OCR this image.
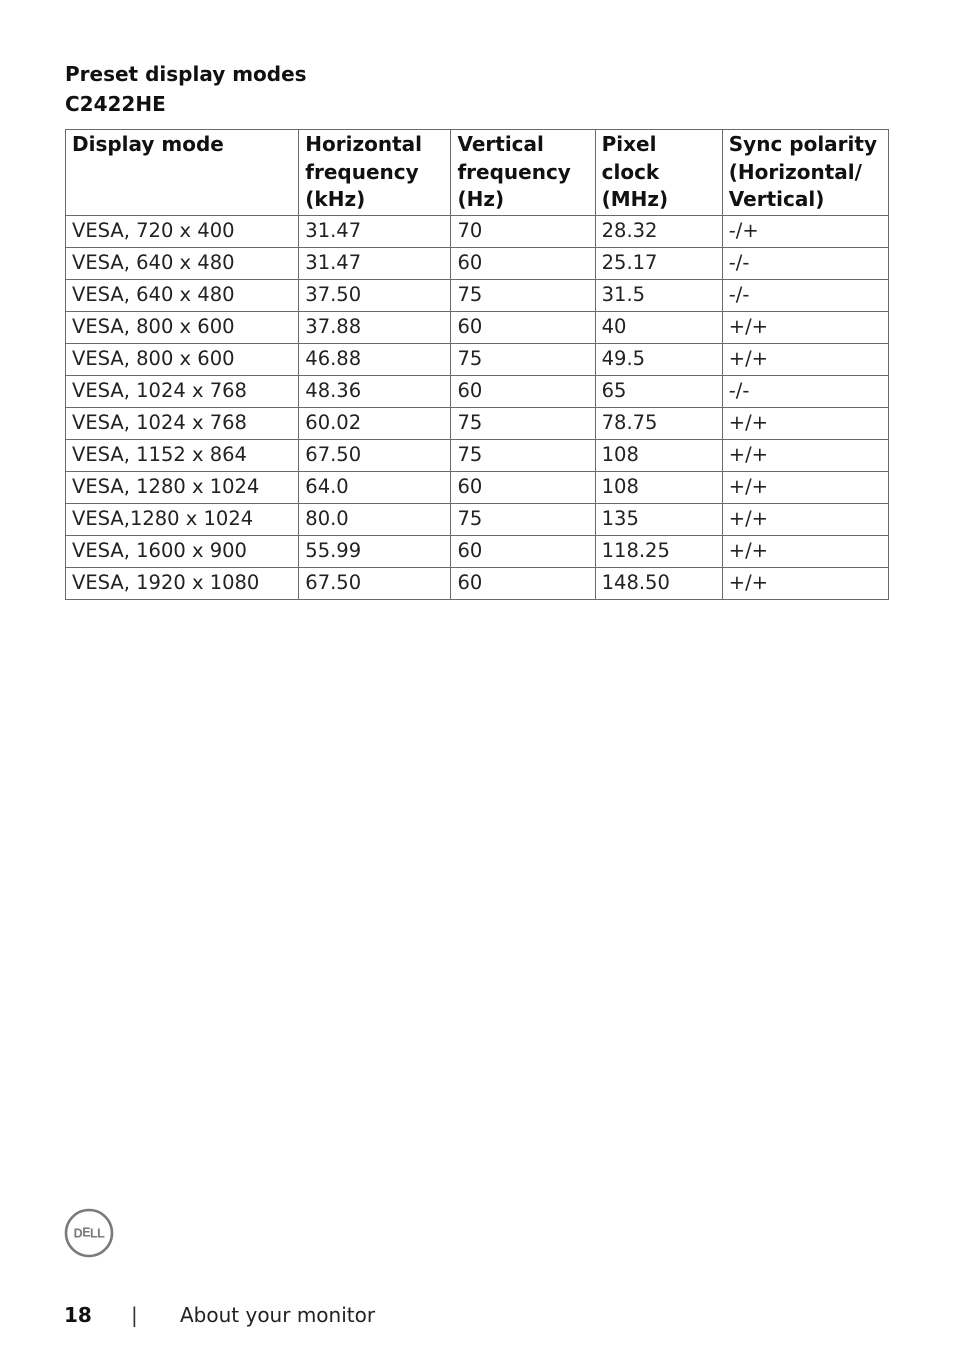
Preset display modes
C2422HE
Display mode	Horizontal frequency (kHz)	Vertical frequency (Hz)	Pixel clock (MHz)	Sync polarity (Horizontal/ Vertical)
VESA, 720 x 400	31.47	70	28.32	-/+
VESA, 640 x 480	31.47	60	25.17	-/-
VESA, 640 x 480	37.50	75	31.5	-/-
VESA, 800 x 600	37.88	60	40	+/+
VESA, 800 x 600	46.88	75	49.5	+/+
VESA, 1024 x 768	48.36	60	65	-/-
VESA, 1024 x 768	60.02	75	78.75	+/+
VESA, 1152 x 864	67.50	75	108	+/+
VESA, 1280 x 1024	64.0	60	108	+/+
VESA,1280 x 1024	80.0	75	135	+/+
VESA, 1600 x 900	55.99	60	118.25	+/+
VESA, 1920 x 1080	67.50	60	148.50	+/+
DELL
18 | About your monitor
